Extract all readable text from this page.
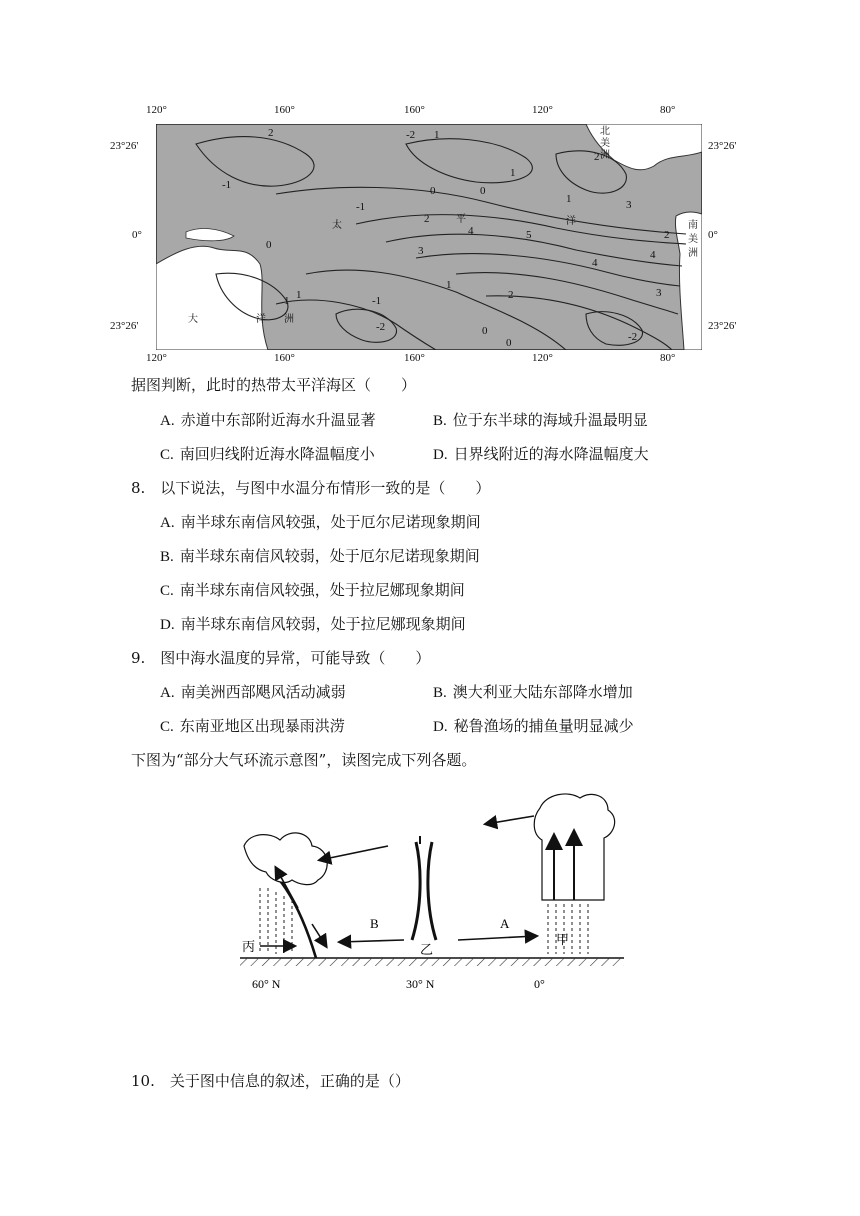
120°	160°	160°	120°	80°
120°	160°	160°	120°	80°
23°26'
0°
23°26'
23°26'
0°
23°26'
北
美
洲
南
美
洲
大	洋 洲
太
平	洋
2	1
-1
-2
0
1
0
1
2
3
4	5
4
3
2
1
0
-1
-2
3
2
1
0
-1
0	-2
1
2
4
据图判断，此时的热带太平洋海区（　　）
A. 赤道中东部附近海水升温显著	B. 位于东半球的海域升温最明显
C. 南回归线附近海水降温幅度小	D. 日界线附近的海水降温幅度大
8.　以下说法，与图中水温分布情形一致的是（　　）
A. 南半球东南信风较强，处于厄尔尼诺现象期间
B. 南半球东南信风较弱，处于厄尔尼诺现象期间
C. 南半球东南信风较强，处于拉尼娜现象期间
D. 南半球东南信风较弱，处于拉尼娜现象期间
9.　图中海水温度的异常，可能导致（　　）
A. 南美洲西部飓风活动减弱	B. 澳大利亚大陆东部降水增加
C. 东南亚地区出现暴雨洪涝	D. 秘鲁渔场的捕鱼量明显减少
下图为“部分大气环流示意图”，读图完成下列各题。
B	A
丙	乙
甲
60° N	30° N	0°
10.　关于图中信息的叙述，正确的是（）
